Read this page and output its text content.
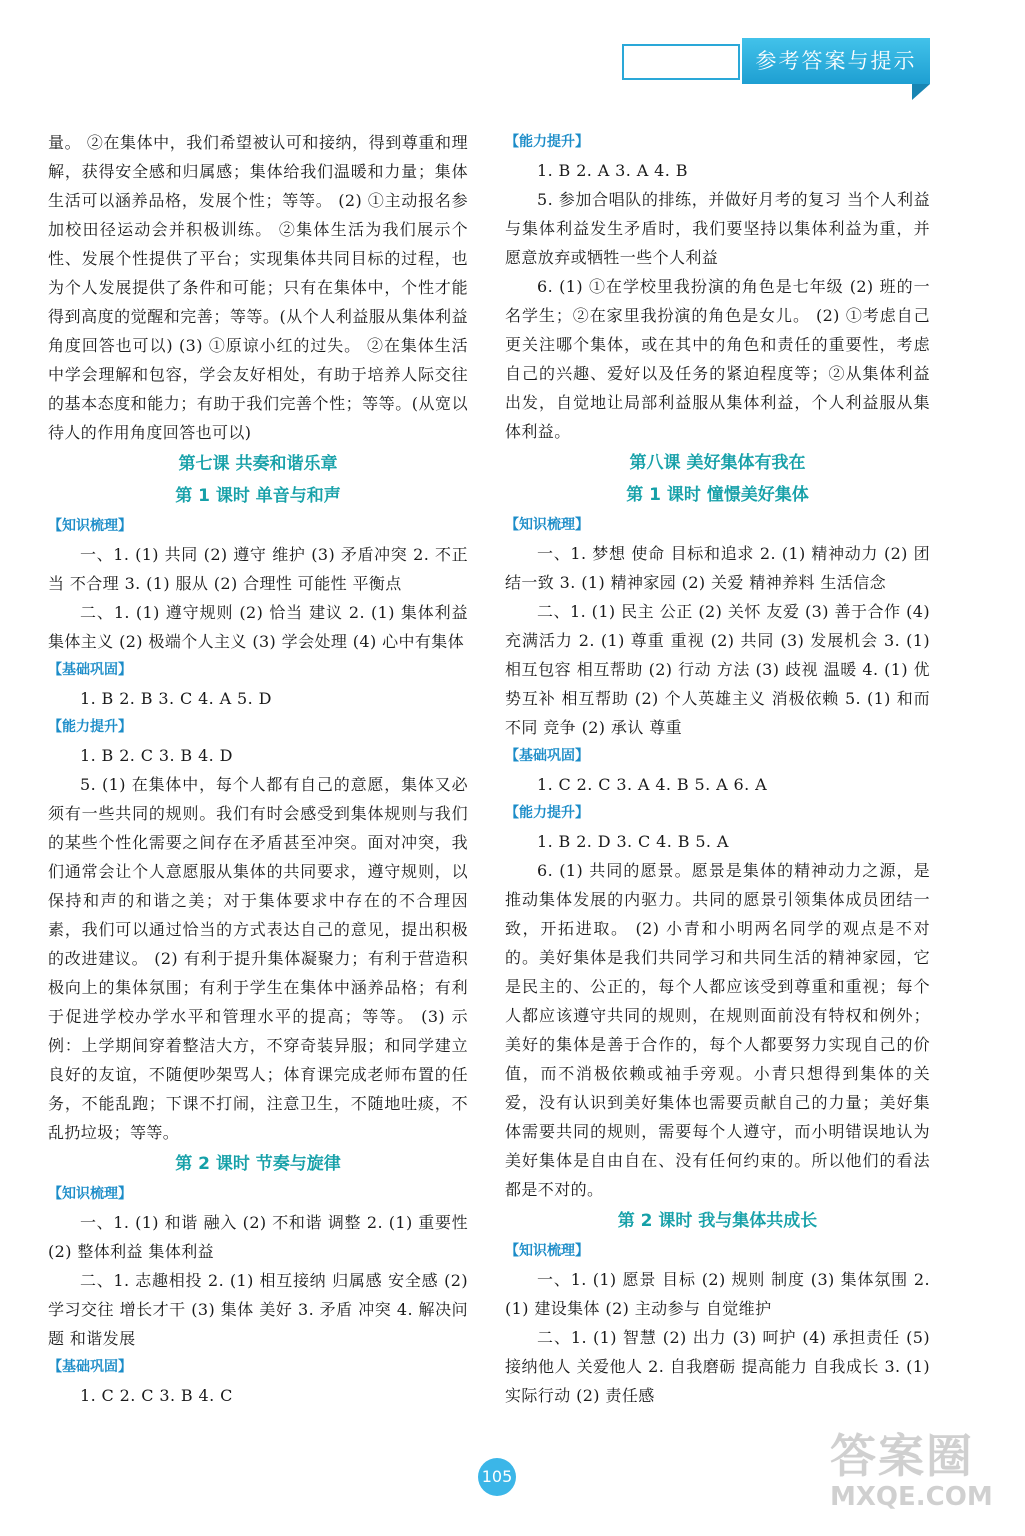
参考答案与提示
量。 ②在集体中，我们希望被认可和接纳，得到尊重和理解，获得安全感和归属感；集体给我们温暖和力量；集体生活可以涵养品格，发展个性；等等。 (2) ①主动报名参加校田径运动会并积极训练。 ②集体生活为我们展示个性、发展个性提供了平台；实现集体共同目标的过程，也为个人发展提供了条件和可能；只有在集体中，个性才能得到高度的觉醒和完善；等等。(从个人利益服从集体利益角度回答也可以) (3) ①原谅小红的过失。 ②在集体生活中学会理解和包容，学会友好相处，有助于培养人际交往的基本态度和能力；有助于我们完善个性；等等。(从宽以待人的作用角度回答也可以)
第七课 共奏和谐乐章
第 1 课时 单音与和声
【知识梳理】
一、1. (1) 共同 (2) 遵守 维护 (3) 矛盾冲突 2. 不正当 不合理 3. (1) 服从 (2) 合理性 可能性 平衡点
二、1. (1) 遵守规则 (2) 恰当 建议 2. (1) 集体利益 集体主义 (2) 极端个人主义 (3) 学会处理 (4) 心中有集体
【基础巩固】
1. B 2. B 3. C 4. A 5. D
【能力提升】
1. B 2. C 3. B 4. D
5. (1) 在集体中，每个人都有自己的意愿，集体又必须有一些共同的规则。我们有时会感受到集体规则与我们的某些个性化需要之间存在矛盾甚至冲突。面对冲突，我们通常会让个人意愿服从集体的共同要求，遵守规则，以保持和声的和谐之美；对于集体要求中存在的不合理因素，我们可以通过恰当的方式表达自己的意见，提出积极的改进建议。 (2) 有利于提升集体凝聚力；有利于营造积极向上的集体氛围；有利于学生在集体中涵养品格；有利于促进学校办学水平和管理水平的提高；等等。 (3) 示例：上学期间穿着整洁大方，不穿奇装异服；和同学建立良好的友谊，不随便吵架骂人；体育课完成老师布置的任务，不能乱跑；下课不打闹，注意卫生，不随地吐痰，不乱扔垃圾；等等。
第 2 课时 节奏与旋律
【知识梳理】
一、1. (1) 和谐 融入 (2) 不和谐 调整 2. (1) 重要性 (2) 整体利益 集体利益
二、1. 志趣相投 2. (1) 相互接纳 归属感 安全感 (2) 学习交往 增长才干 (3) 集体 美好 3. 矛盾 冲突 4. 解决问题 和谐发展
【基础巩固】
1. C 2. C 3. B 4. C
【能力提升】
1. B 2. A 3. A 4. B
5. 参加合唱队的排练，并做好月考的复习 当个人利益与集体利益发生矛盾时，我们要坚持以集体利益为重，并愿意放弃或牺牲一些个人利益
6. (1) ①在学校里我扮演的角色是七年级 (2) 班的一名学生；②在家里我扮演的角色是女儿。 (2) ①考虑自己更关注哪个集体，或在其中的角色和责任的重要性，考虑自己的兴趣、爱好以及任务的紧迫程度等；②从集体利益出发，自觉地让局部利益服从集体利益，个人利益服从集体利益。
第八课 美好集体有我在
第 1 课时 憧憬美好集体
【知识梳理】
一、1. 梦想 使命 目标和追求 2. (1) 精神动力 (2) 团结一致 3. (1) 精神家园 (2) 关爱 精神养料 生活信念
二、1. (1) 民主 公正 (2) 关怀 友爱 (3) 善于合作 (4) 充满活力 2. (1) 尊重 重视 (2) 共同 (3) 发展机会 3. (1) 相互包容 相互帮助 (2) 行动 方法 (3) 歧视 温暖 4. (1) 优势互补 相互帮助 (2) 个人英雄主义 消极依赖 5. (1) 和而不同 竞争 (2) 承认 尊重
【基础巩固】
1. C 2. C 3. A 4. B 5. A 6. A
【能力提升】
1. B 2. D 3. C 4. B 5. A
6. (1) 共同的愿景。愿景是集体的精神动力之源，是推动集体发展的内驱力。共同的愿景引领集体成员团结一致，开拓进取。 (2) 小青和小明两名同学的观点是不对的。美好集体是我们共同学习和共同生活的精神家园，它是民主的、公正的，每个人都应该受到尊重和重视；每个人都应该遵守共同的规则，在规则面前没有特权和例外；美好的集体是善于合作的，每个人都要努力实现自己的价值，而不消极依赖或袖手旁观。小青只想得到集体的关爱，没有认识到美好集体也需要贡献自己的力量；美好集体需要共同的规则，需要每个人遵守，而小明错误地认为美好集体是自由自在、没有任何约束的。所以他们的看法都是不对的。
第 2 课时 我与集体共成长
【知识梳理】
一、1. (1) 愿景 目标 (2) 规则 制度 (3) 集体氛围 2. (1) 建设集体 (2) 主动参与 自觉维护
二、1. (1) 智慧 (2) 出力 (3) 呵护 (4) 承担责任 (5) 接纳他人 关爱他人 2. 自我磨砺 提高能力 自我成长 3. (1) 实际行动 (2) 责任感
105	答案圈
MXQE.COM
